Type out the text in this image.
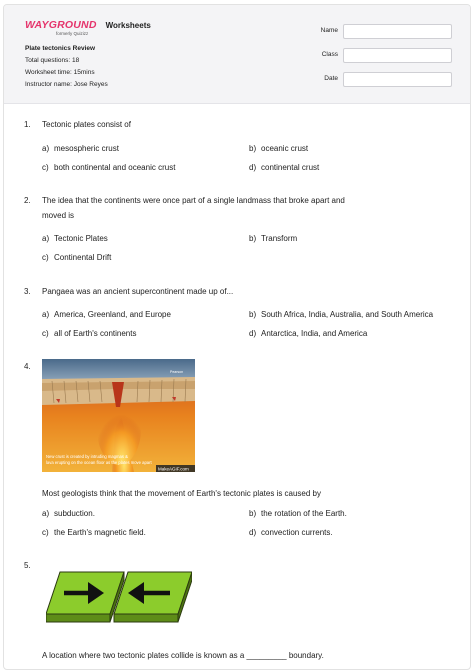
WAYGROUND
formerly Quizizz
Worksheets
Plate tectonics Review
Total questions: 18
Worksheet time: 15mins
Instructor name: Jose Reyes
Name
Class
Date
1. Tectonic plates consist of
a) mesospheric crust	b) oceanic crust
c) both continental and oceanic crust	d) continental crust
2. The idea that the continents were once part of a single landmass that broke apart and
moved is
a) Tectonic Plates	b) Transform
c) Continental Drift
3. Pangaea was an ancient supercontinent made up of...
a) America, Greenland, and Europe	b) South Africa, India, Australia, and South America
c) all of Earth's continents	d) Antarctica, India, and America
4.
Pearson
New crust is created by intruding magmas &
lava erupting on the ocean floor as the plates move apart
MakeAGIF.com
Most geologists think that the movement of Earth's tectonic plates is caused by
a) subduction.	b) the rotation of the Earth.
c) the Earth's magnetic field.	d) convection currents.
5.
A location where two tectonic plates collide is known as a _________ boundary.
